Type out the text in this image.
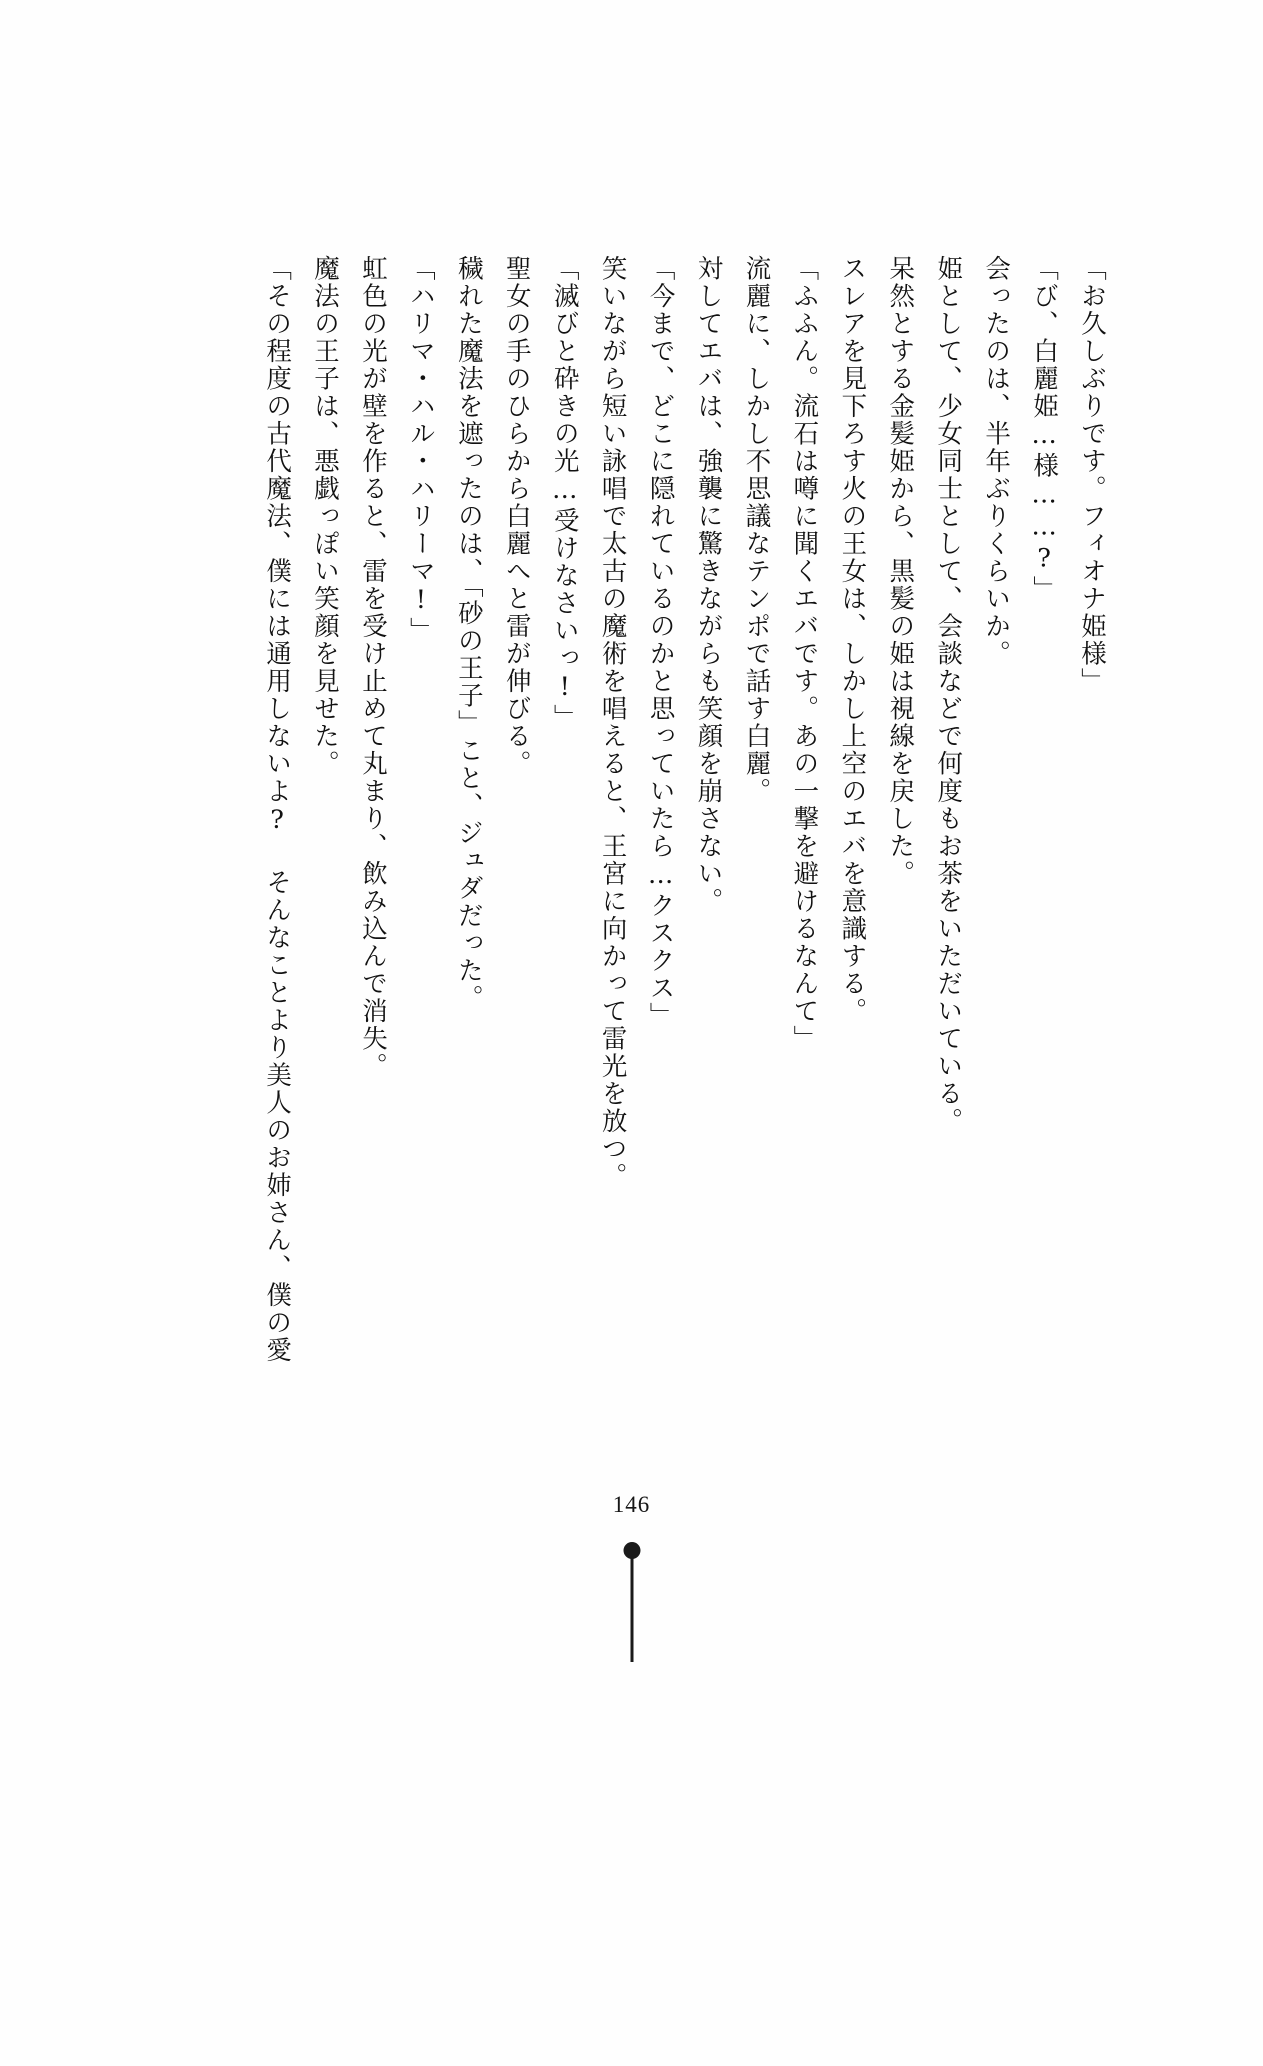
「お久しぶりです。フィオナ姫様」

「び、白麗姫…様……?」

会ったのは、半年ぶりくらいか。

姫として、少女同士として、会談などで何度もお茶をいただいている。

呆然とする金髪姫から、黒髪の姫は視線を戻した。

スレアを見下ろす火の王女は、しかし上空のエバを意識する。

「ふふん。流石は噂に聞くエバです。あの一撃を避けるなんて」

流麗に、しかし不思議なテンポで話す白麗。

対してエバは、強襲に驚きながらも笑顔を崩さない。

「今まで、どこに隠れているのかと思っていたら…クスクス」

笑いながら短い詠唱で太古の魔術を唱えると、王宮に向かって雷光を放つ。

「滅びと砕きの光…受けなさいっ!」

聖女の手のひらから白麗へと雷が伸びる。

穢れた魔法を遮ったのは、「砂の王子」こと、ジュダだった。

「ハリマ・ハル・ハリーマ!」

虹色の光が壁を作ると、雷を受け止めて丸まり、飲み込んで消失。

魔法の王子は、悪戯っぽい笑顔を見せた。

「その程度の古代魔法、僕には通用しないよ? そんなことより美人のお姉さん、僕の愛

146
